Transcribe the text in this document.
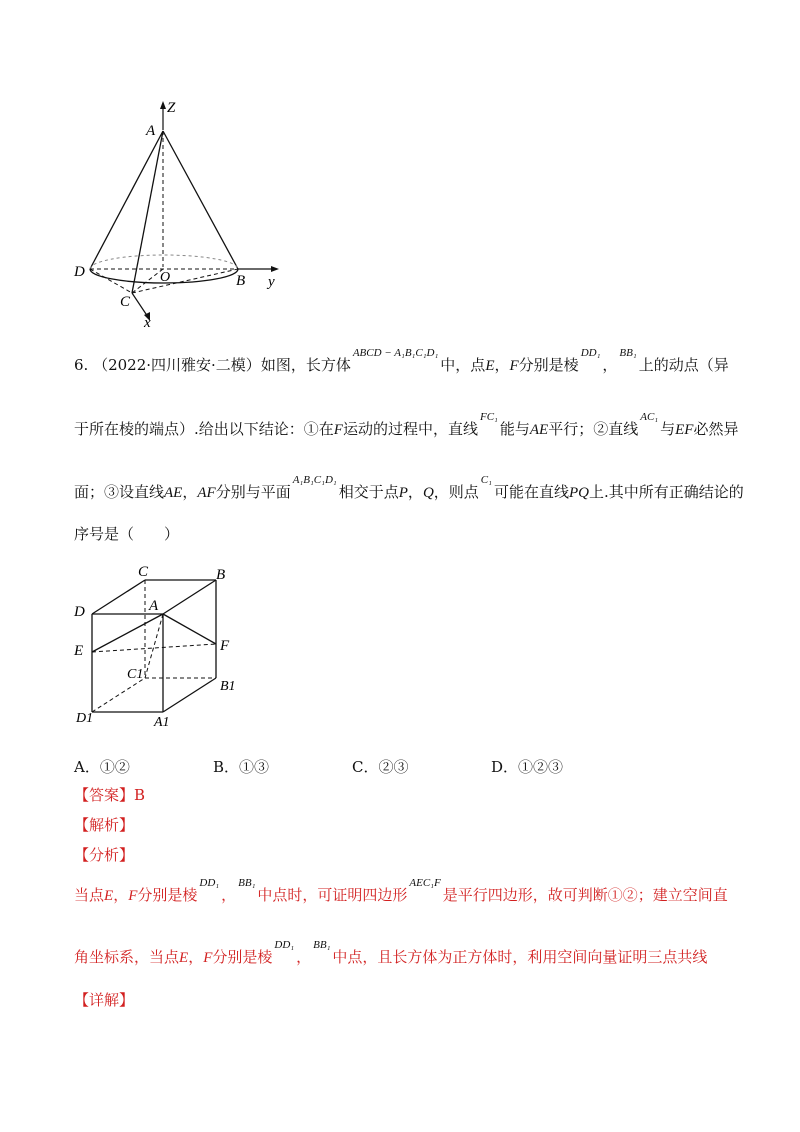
Z
A
D	O	B y
C
x
6. （2022·四川雅安·二模）如图，长方体$^{ABCD - A_1B_1C_1D_1}$中，点E，F分别是棱$^{DD_1}$，$^{BB_1}$上的动点（异
于所在棱的端点）.给出以下结论：①在F运动的过程中，直线$^{FC_1}$能与AE平行；②直线$^{AC_1}$与EF必然异
面；③设直线AE，AF分别与平面$^{A_1B_1C_1D_1}$相交于点P，Q，则点$^{C_1}$可能在直线PQ上.其中所有正确结论的
序号是（　　）
C	B
D	A
E	F
C1
B1
D1	A1
A．①②	B．①③	C．②③	D．①②③
【答案】B
【解析】
【分析】
当点E，F分别是棱$^{DD_1}$，$^{BB_1}$中点时，可证明四边形$^{AEC_1F}$是平行四边形，故可判断①②；建立空间直
角坐标系，当点E，F分别是棱$^{DD_1}$，$^{BB_1}$中点，且长方体为正方体时，利用空间向量证明三点共线
【详解】
